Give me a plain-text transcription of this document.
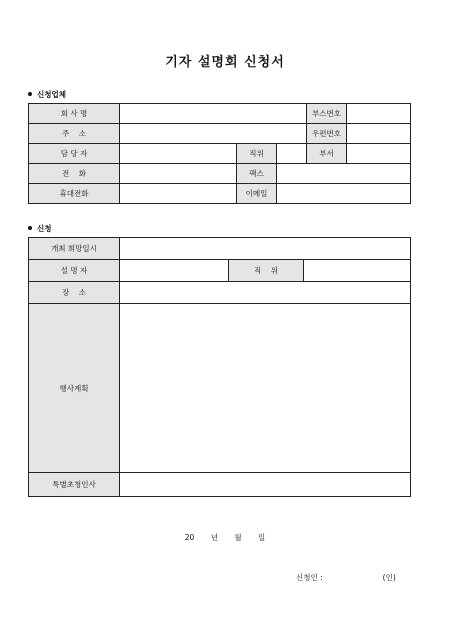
기자 설명회 신청서
신청업체
회 사 명				부스번호	
주    소				우편번호	
담 당 자		직위		부서	
전    화		팩스			
휴대전화		이메일			
신청
개최 희망일시			
설 명 자		직    위	
장    소			
행사계획			
특별초청인사			
20 년 월 일
신청인 :	(인)
